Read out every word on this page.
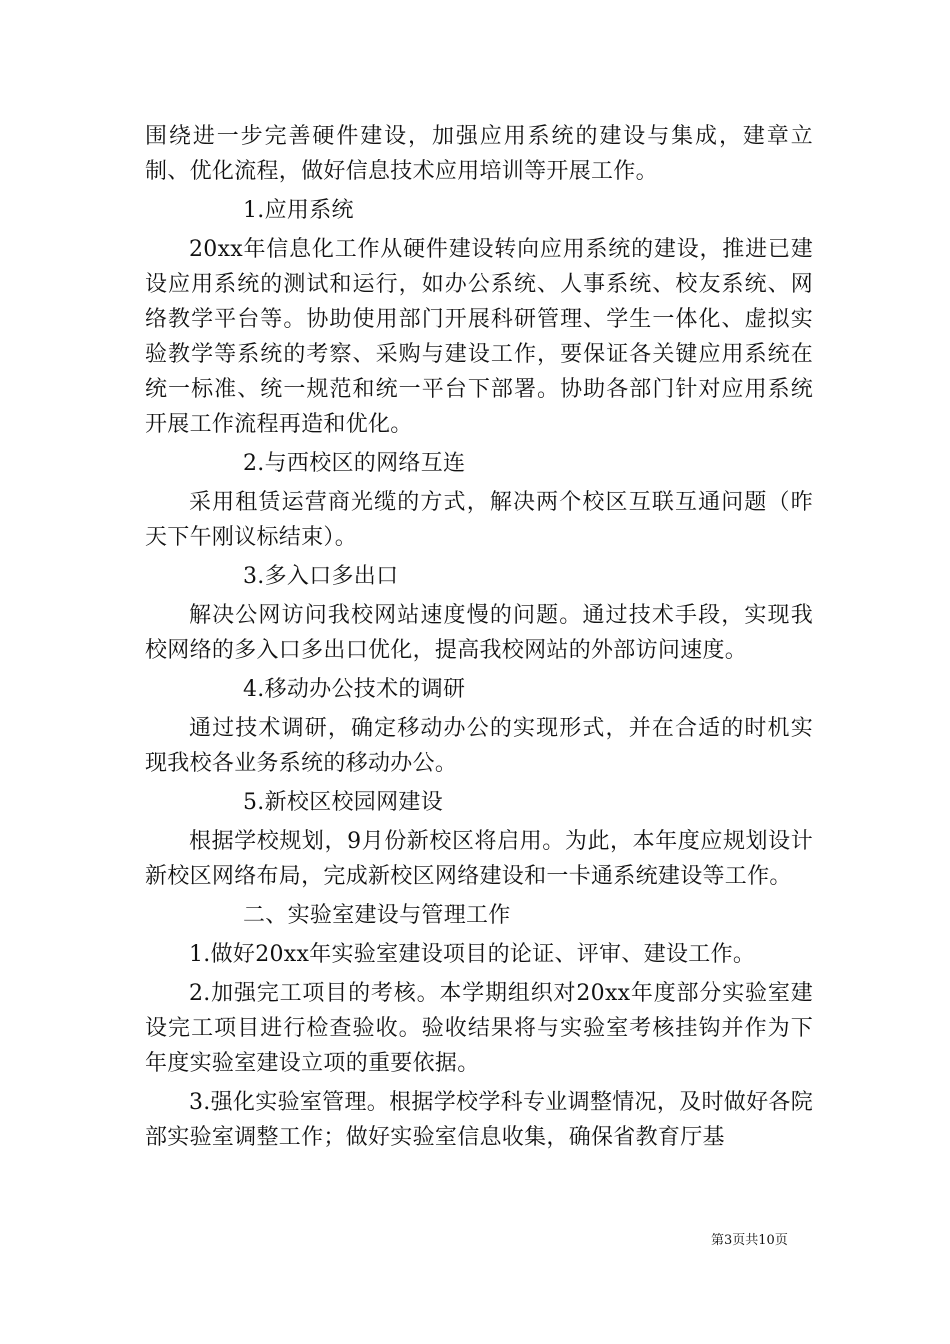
围绕进一步完善硬件建设，加强应用系统的建设与集成，建章立制、优化流程，做好信息技术应用培训等开展工作。

1.应用系统

20xx年信息化工作从硬件建设转向应用系统的建设，推进已建设应用系统的测试和运行，如办公系统、人事系统、校友系统、网络教学平台等。协助使用部门开展科研管理、学生一体化、虚拟实验教学等系统的考察、采购与建设工作，要保证各关键应用系统在统一标准、统一规范和统一平台下部署。协助各部门针对应用系统开展工作流程再造和优化。

2.与西校区的网络互连

采用租赁运营商光缆的方式，解决两个校区互联互通问题（昨天下午刚议标结束）。

3.多入口多出口

解决公网访问我校网站速度慢的问题。通过技术手段，实现我校网络的多入口多出口优化，提高我校网站的外部访问速度。

4.移动办公技术的调研

通过技术调研，确定移动办公的实现形式，并在合适的时机实现我校各业务系统的移动办公。

5.新校区校园网建设

根据学校规划，9月份新校区将启用。为此，本年度应规划设计新校区网络布局，完成新校区网络建设和一卡通系统建设等工作。

二、实验室建设与管理工作

1.做好20xx年实验室建设项目的论证、评审、建设工作。

2.加强完工项目的考核。本学期组织对20xx年度部分实验室建设完工项目进行检查验收。验收结果将与实验室考核挂钩并作为下年度实验室建设立项的重要依据。

3.强化实验室管理。根据学校学科专业调整情况，及时做好各院部实验室调整工作；做好实验室信息收集，确保省教育厅基

第3页共10页
